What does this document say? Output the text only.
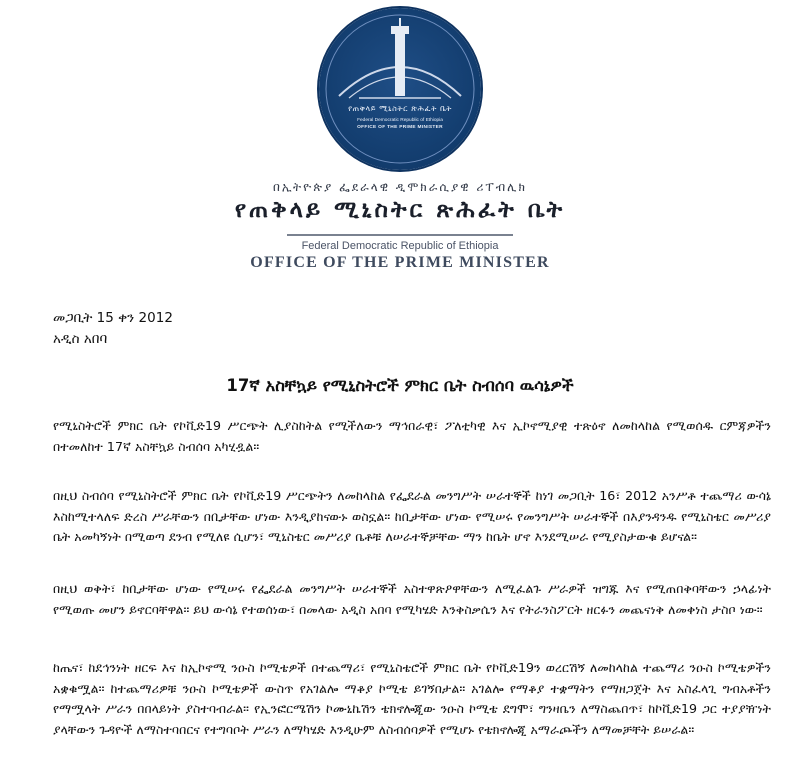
የጠቅላይ ሚኒስትር ጽሕፈት ቤት
Federal Democratic Republic of Ethiopia
OFFICE OF THE PRIME MINISTER
በኢትዮጵያ ፌደራላዊ ዲሞክራሲያዊ ሪፐብሊክ
የጠቅላይ ሚኒስትር ጽሕፈት ቤት
Federal Democratic Republic of Ethiopia
OFFICE OF THE PRIME MINISTER
መጋቢት 15 ቀን 2012
አዲስ አበባ
17ኛ አስቸኳይ የሚኒስትሮች ምክር ቤት ስብሰባ ዉሳኔዎች
የሚኒስትሮች ምክር ቤት የኮቪድ19 ሥርጭት ሊያስከትል የሚችለውን ማኅበራዊ፣ ፖለቲካዊ እና ኢኮኖሚያዊ ተጽዕኖ ለመከላከል የሚወሰዱ ርምጃዎችን በተመለከተ 17ኛ አስቸኳይ ስብሰባ አካሂዷል።
በዚህ ስብሰባ የሚኒስትሮች ምክር ቤት የኮቪድ19 ሥርጭትን ለመከላከል የፌደራል መንግሥት ሠራተኞች ከነገ መጋቢት 16፣ 2012 አንሥቶ ተጨማሪ ውሳኔ እስከሚተላለፍ ድረስ ሥራቸውን በቢታቸው ሆነው እንዲያከናውኑ ወስኗል። ከቢታቸው ሆነው የሚሠሩ የመንግሥት ሠራተኞች በእያንዳንዱ የሚኒስቴር መሥሪያ ቤት አመካኝነት በሚወጣ ደንብ የሚለዩ ሲሆን፣ ሚኒስቴር መሥሪያ ቤቶቹ ለሠራተኞቻቸው ማን ከቤት ሆኖ እንደሚሠራ የሚያስታውቁ ይሆናል።
በዚህ ወቅት፣ ከቢታቸው ሆነው የሚሠሩ የፌደራል መንግሥት ሠራተኞች አስተዋጽዖዋቸውን ለሚፈልጉ ሥራዎች ዝግጁ እና የሚጠበቅባቸውን ኃላፊነት የሚወጡ መሆን ይኖርባቸዋል። ይህ ውሳኔ የተወሰነው፣ በመላው አዲስ አበባ የሚካሄድ እንቅስቃሴን እና የትራንስፖርት ዘርፉን መጨናነቅ ለመቀነስ ታስቦ ነው።
ከጤና፣ ከደኅንነት ዘርፍ እና ከኢኮኖሚ ንዑስ ኮሚቴዎች በተጨማሪ፣ የሚኒስቴሮች ምክር ቤት የኮቪድ19ን ወረርሽኝ ለመከላከል ተጨማሪ ንዑስ ኮሚቴዎችን አቋቁሟል። ከተጨማሪዎቹ ንዑስ ኮሚቴዎች ውስጥ የአገልሎ ማቆያ ኮሚቴ ይገኝበታል። አገልሎ የማቆያ ተቋማትን የማዘጋጀት እና አስፈላጊ ግብአቶችን የማሟላት ሥራን በበላይነት ያስተባብራል። የኢንፎርሜሽን ኮሙኒኬሽን ቴክኖሎጂው ንዑስ ኮሚቴ ደግሞ፣ ግንዛቤን ለማስጨበጥ፣ ከኮቪድ19 ጋር ተያያዥነት ያላቸውን ጉዳዮች ለማስተባበርና የተግባቦት ሥራን ለማካሄድ እንዲሁም ለስብሰባዎች የሚሆኑ የቴክኖሎጂ አማራጮችን ለማመቻቸት ይሠራል።
